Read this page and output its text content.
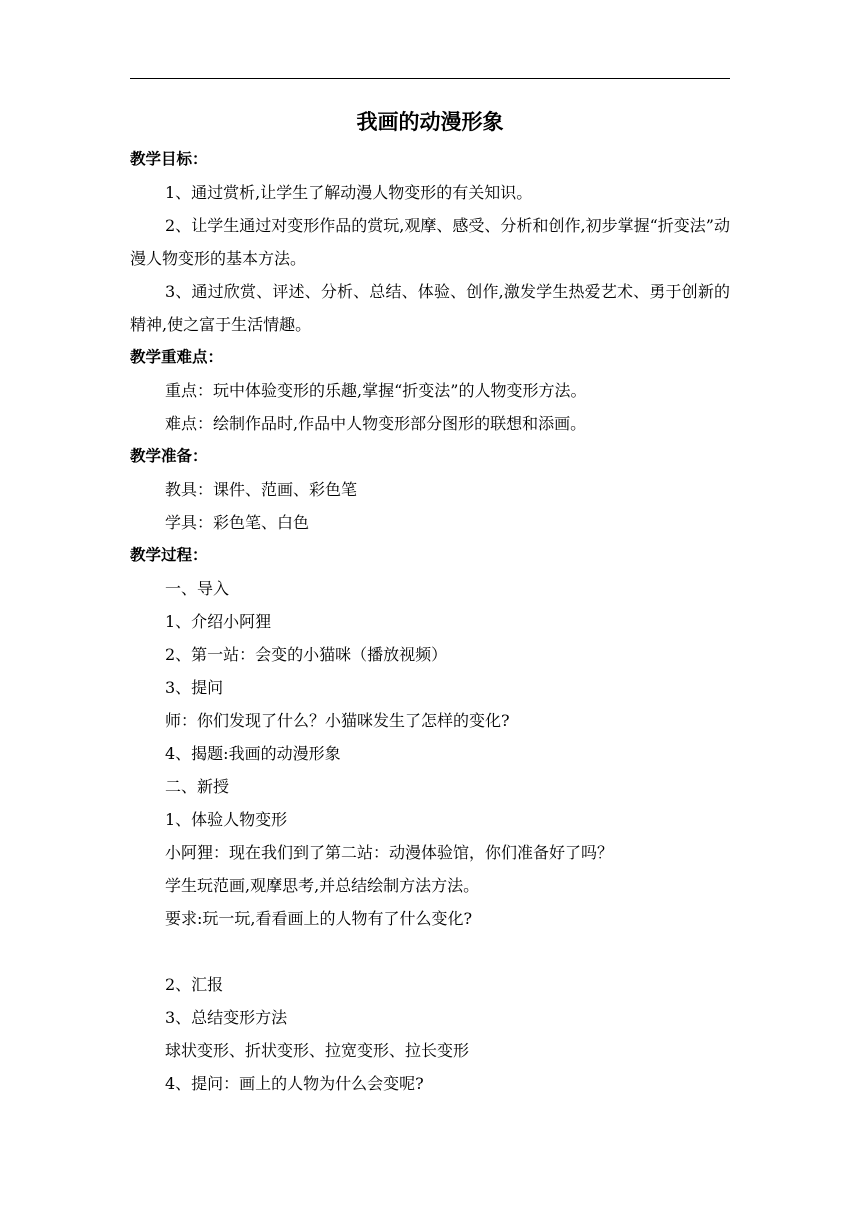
我画的动漫形象

教学目标：

1、通过赏析,让学生了解动漫人物变形的有关知识。

2、让学生通过对变形作品的赏玩,观摩、感受、分析和创作,初步掌握“折变法”动漫人物变形的基本方法。

3、通过欣赏、评述、分析、总结、体验、创作,激发学生热爱艺术、勇于创新的精神,使之富于生活情趣。

教学重难点：

重点：玩中体验变形的乐趣,掌握“折变法”的人物变形方法。

难点：绘制作品时,作品中人物变形部分图形的联想和添画。

教学准备：

教具：课件、范画、彩色笔

学具：彩色笔、白色

教学过程：

一、导入

1、介绍小阿狸

2、第一站：会变的小猫咪（播放视频）

3、提问

师：你们发现了什么？小猫咪发生了怎样的变化?

4、揭题:我画的动漫形象

二、新授

1、体验人物变形

小阿狸：现在我们到了第二站：动漫体验馆，你们准备好了吗？

学生玩范画,观摩思考,并总结绘制方法方法。

要求:玩一玩,看看画上的人物有了什么变化?

2、汇报

3、总结变形方法

球状变形、折状变形、拉宽变形、拉长变形

4、提问：画上的人物为什么会变呢?
